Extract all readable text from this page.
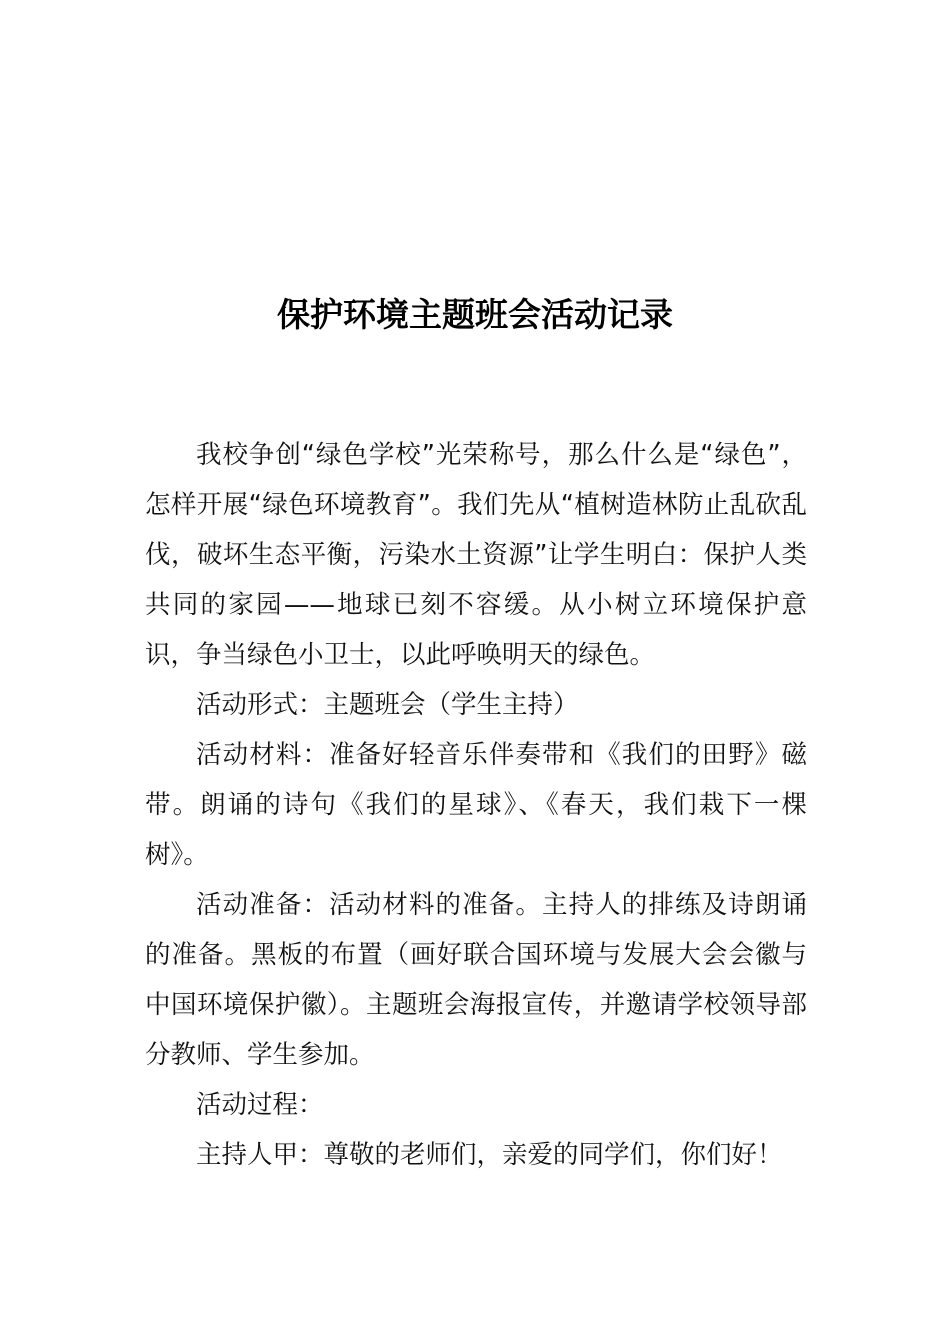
保护环境主题班会活动记录

我校争创“绿色学校”光荣称号，那么什么是“绿色”，怎样开展“绿色环境教育”。我们先从“植树造林防止乱砍乱伐，破坏生态平衡，污染水土资源”让学生明白：保护人类共同的家园——地球已刻不容缓。从小树立环境保护意识，争当绿色小卫士，以此呼唤明天的绿色。

活动形式：主题班会（学生主持）

活动材料：准备好轻音乐伴奏带和《我们的田野》磁带。朗诵的诗句《我们的星球》、《春天，我们栽下一棵树》。

活动准备：活动材料的准备。主持人的排练及诗朗诵的准备。黑板的布置（画好联合国环境与发展大会会徽与中国环境保护徽）。主题班会海报宣传，并邀请学校领导部分教师、学生参加。

活动过程：

主持人甲：尊敬的老师们，亲爱的同学们，你们好！
